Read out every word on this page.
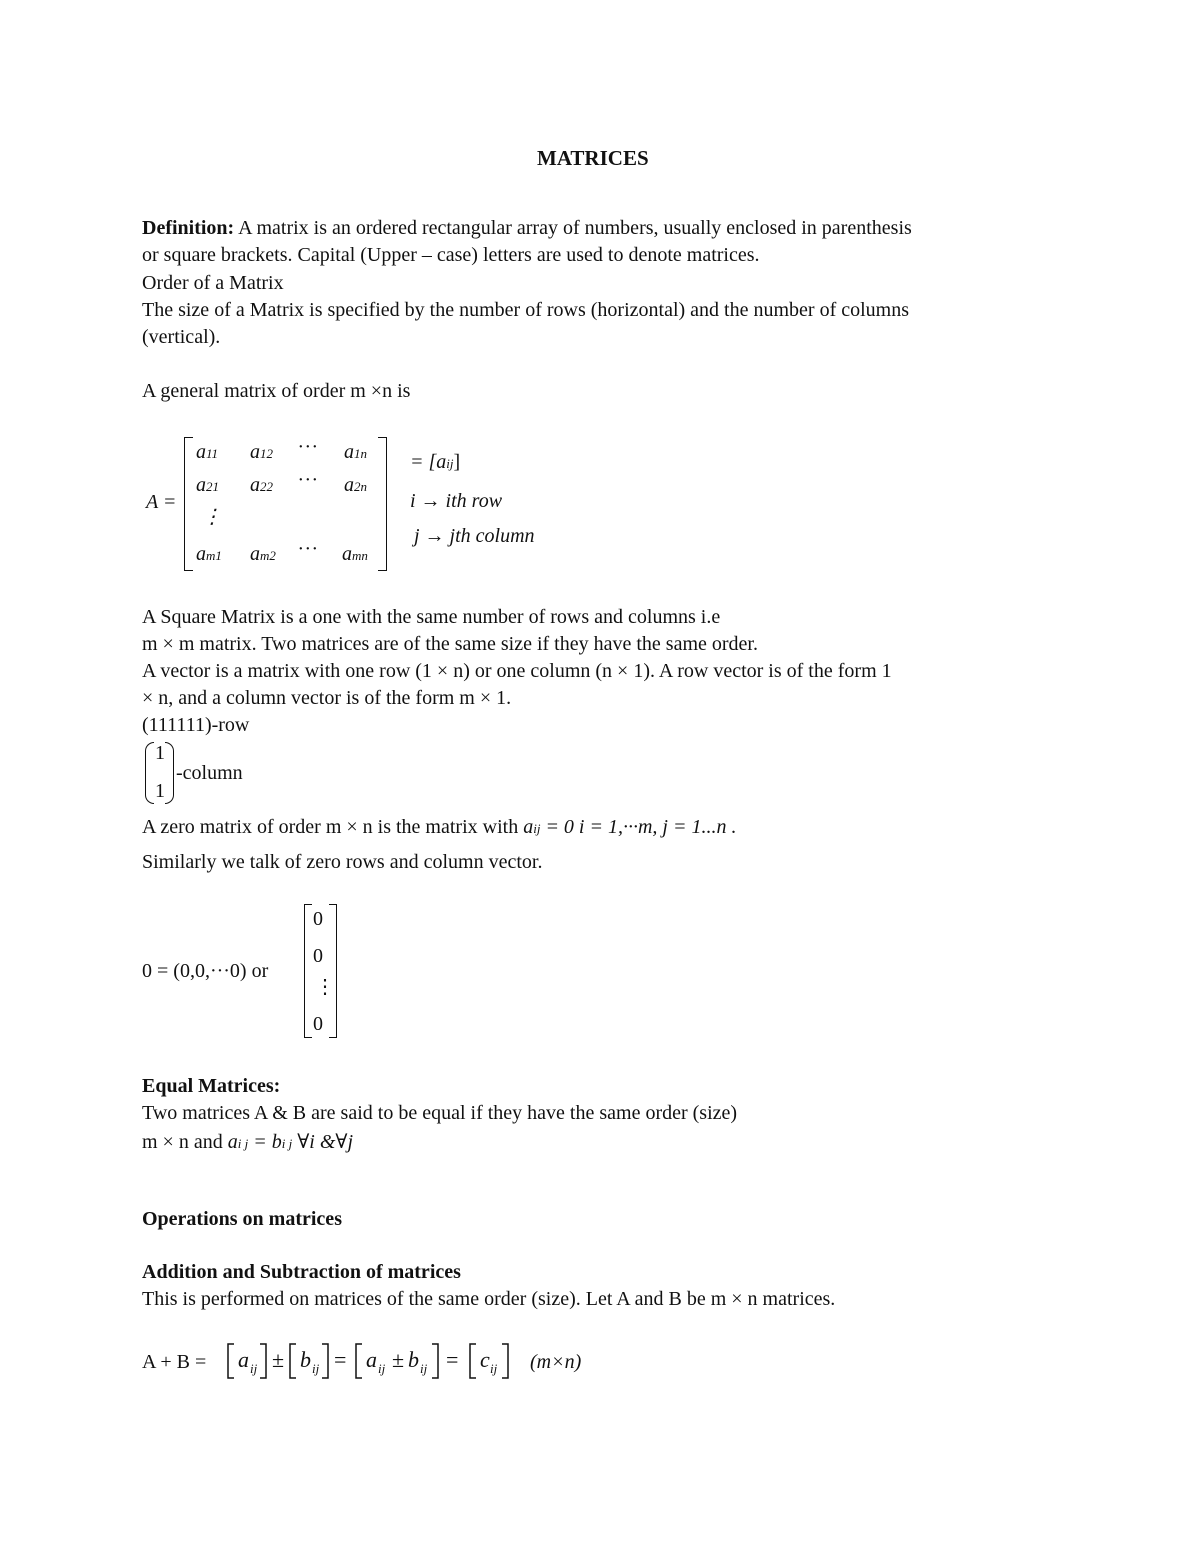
MATRICES
Definition: A matrix is an ordered rectangular array of numbers, usually enclosed in parenthesis
or square brackets. Capital (Upper – case) letters are used to denote matrices.
Order of a Matrix
The size of a Matrix is specified by the number of rows (horizontal) and the number of columns
(vertical).
A general matrix of order m ×n is
A =
a11 a12 ··· a1n
a21 a22 ··· a2n
⋮
am1 am2 ··· amn
= [aij]
i → ith row
j → jth column
A Square Matrix is a one with the same number of rows and columns i.e
m × m matrix. Two matrices are of the same size if they have the same order.
A vector is a matrix with one row (1 × n) or one column (n × 1). A row vector is of the form 1
× n, and a column vector is of the form m × 1.
(111111)-row
1
1
-column
A zero matrix of order m × n is the matrix with aij = 0 i = 1,···m, j = 1...n .
Similarly we talk of zero rows and column vector.
0 = (0,0,···0) or
0
0
⋮
0
Equal Matrices:
Two matrices A & B are said to be equal if they have the same order (size)
m × n and ai j = bi j ∀i &∀j
Operations on matrices
Addition and Subtraction of matrices
This is performed on matrices of the same order (size). Let A and B be m × n matrices.
A + B = a ij ± b ij = a ij ± b ij = c ij (m×n)
